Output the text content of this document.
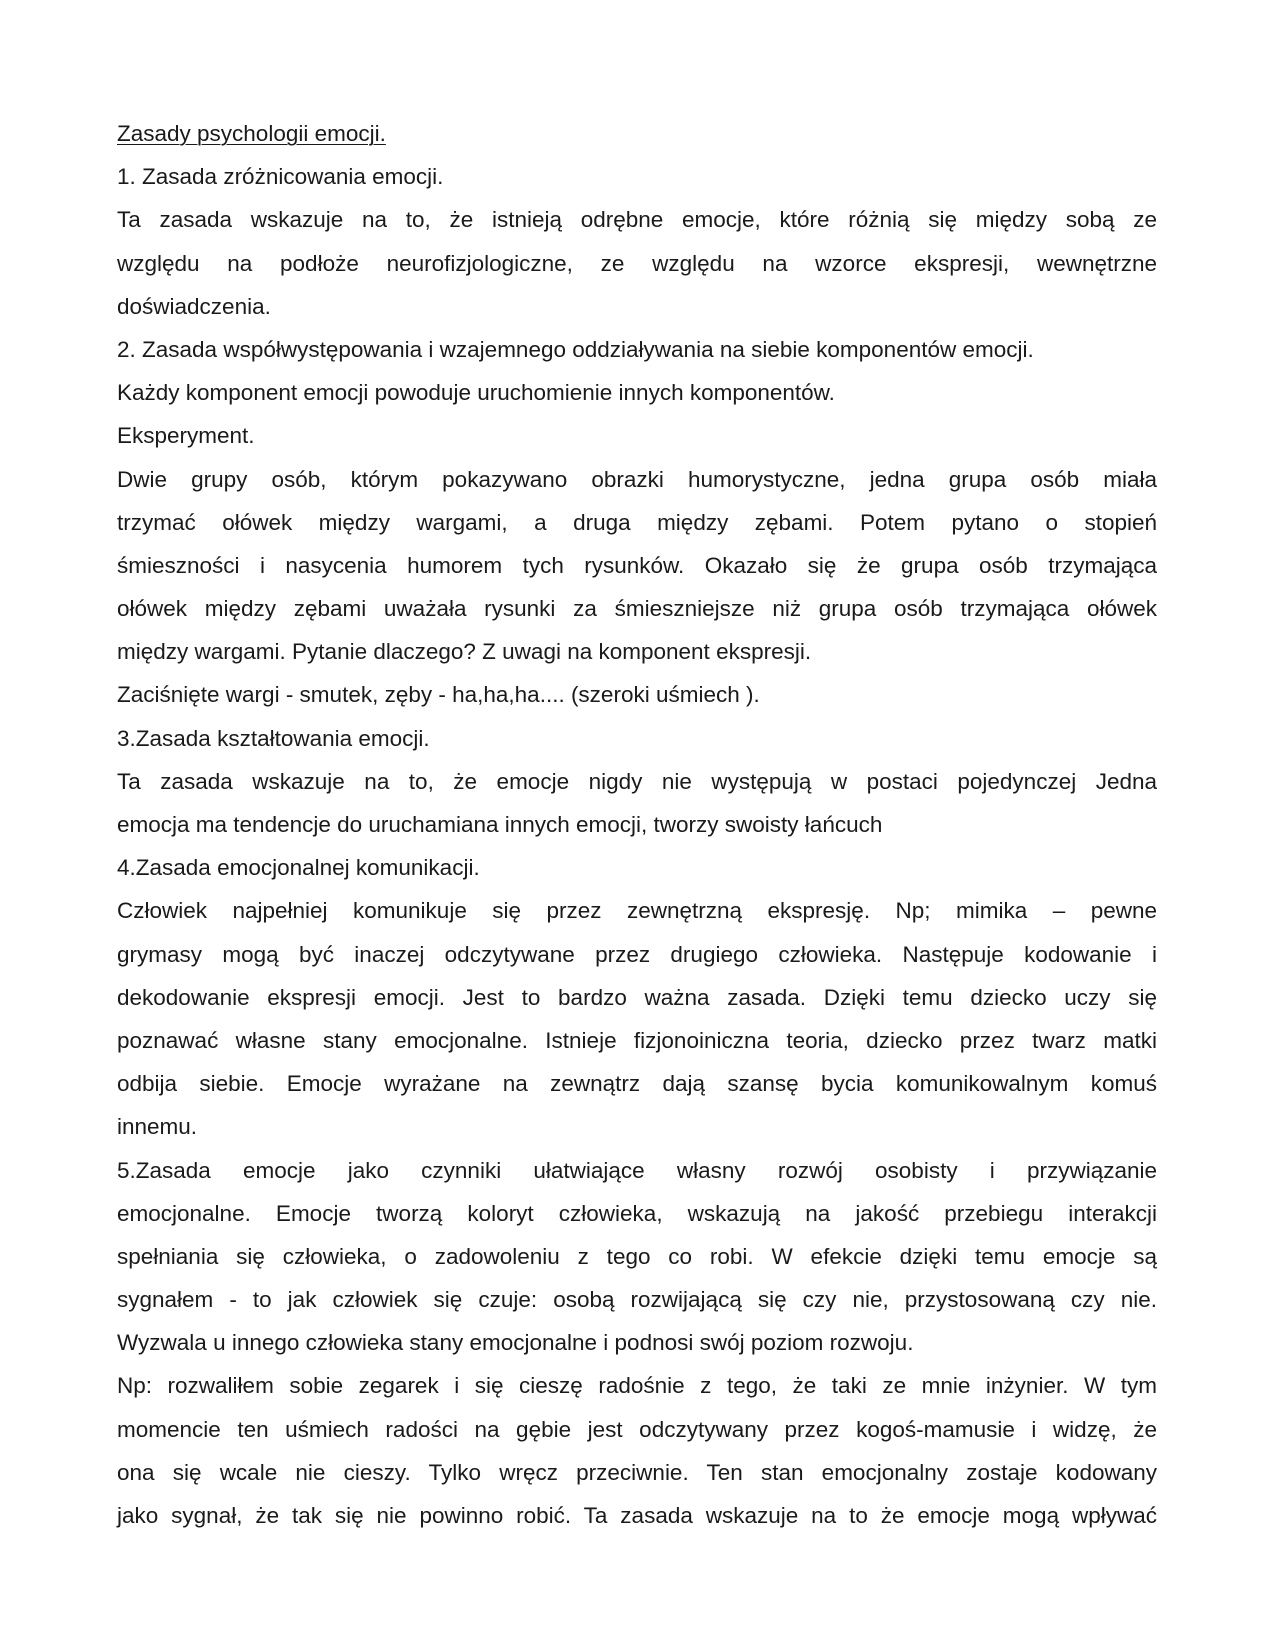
Zasady psychologii emocji.
1. Zasada zróżnicowania emocji.
Ta zasada wskazuje na to, że istnieją odrębne emocje, które różnią się między sobą ze
względu na podłoże neurofizjologiczne, ze względu na wzorce ekspresji, wewnętrzne
doświadczenia.
2. Zasada współwystępowania i wzajemnego oddziaływania na siebie komponentów emocji.
Każdy komponent emocji powoduje uruchomienie innych komponentów.
Eksperyment.
Dwie grupy osób, którym pokazywano obrazki humorystyczne, jedna grupa osób miała
trzymać ołówek między wargami, a druga między zębami. Potem pytano o stopień
śmieszności i nasycenia humorem tych rysunków. Okazało się że grupa osób trzymająca
ołówek między zębami uważała rysunki za śmieszniejsze niż grupa osób trzymająca ołówek
między wargami. Pytanie dlaczego? Z uwagi na komponent ekspresji.
Zaciśnięte wargi - smutek, zęby - ha,ha,ha.... (szeroki uśmiech ).
3.Zasada kształtowania emocji.
Ta zasada wskazuje na to, że emocje nigdy nie występują w postaci pojedynczej Jedna
emocja ma tendencje do uruchamiana innych emocji, tworzy swoisty łańcuch
4.Zasada emocjonalnej komunikacji.
Człowiek najpełniej komunikuje się przez zewnętrzną ekspresję. Np; mimika – pewne
grymasy mogą być inaczej odczytywane przez drugiego człowieka. Następuje kodowanie i
dekodowanie ekspresji emocji. Jest to bardzo ważna zasada. Dzięki temu dziecko uczy się
poznawać własne stany emocjonalne. Istnieje fizjonoiniczna teoria, dziecko przez twarz matki
odbija siebie. Emocje wyrażane na zewnątrz dają szansę bycia komunikowalnym komuś
innemu.
5.Zasada emocje jako czynniki ułatwiające własny rozwój osobisty i przywiązanie
emocjonalne. Emocje tworzą koloryt człowieka, wskazują na jakość przebiegu interakcji
spełniania się człowieka, o zadowoleniu z tego co robi. W efekcie dzięki temu emocje są
sygnałem - to jak człowiek się czuje: osobą rozwijającą się czy nie, przystosowaną czy nie.
Wyzwala u innego człowieka stany emocjonalne i podnosi swój poziom rozwoju.
Np: rozwaliłem sobie zegarek i się cieszę radośnie z tego, że taki ze mnie inżynier. W tym
momencie ten uśmiech radości na gębie jest odczytywany przez kogoś-mamusie i widzę, że
ona się wcale nie cieszy. Tylko wręcz przeciwnie. Ten stan emocjonalny zostaje kodowany
jako sygnał, że tak się nie powinno robić. Ta zasada wskazuje na to że emocje mogą wpływać
